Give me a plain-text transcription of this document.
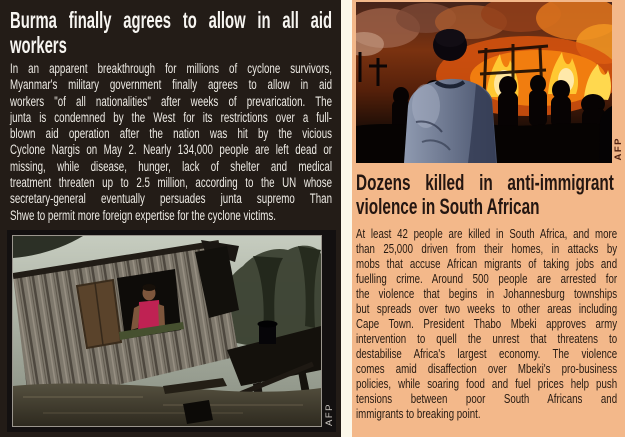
Burma finally agrees to allow in all aid
workers
In an apparent breakthrough for millions of cyclone survivors,
Myanmar's military government finally agrees to allow in aid
workers "of all nationalities" after weeks of prevarication. The
junta is condemned by the West for its restrictions over a full-
blown aid operation after the nation was hit by the vicious
Cyclone Nargis on May 2. Nearly 134,000 people are left dead or
missing, while disease, hunger, lack of shelter and medical
treatment threaten up to 2.5 million, according to the UN whose
secretary-general eventually persuades junta supremo Than
Shwe to permit more foreign expertise for the cyclone victims.
AFP
AFP
Dozens killed in anti-immigrant
violence in South African
At least 42 people are killed in South Africa, and more
than 25,000 driven from their homes, in attacks by
mobs that accuse African migrants of taking jobs and
fuelling crime. Around 500 people are arrested for
the violence that begins in Johannesburg townships
but spreads over two weeks to other areas including
Cape Town. President Thabo Mbeki approves army
intervention to quell the unrest that threatens to
destabilise Africa's largest economy. The violence
comes amid disaffection over Mbeki's pro-business
policies, while soaring food and fuel prices help push
tensions between poor South Africans and
immigrants to breaking point.
